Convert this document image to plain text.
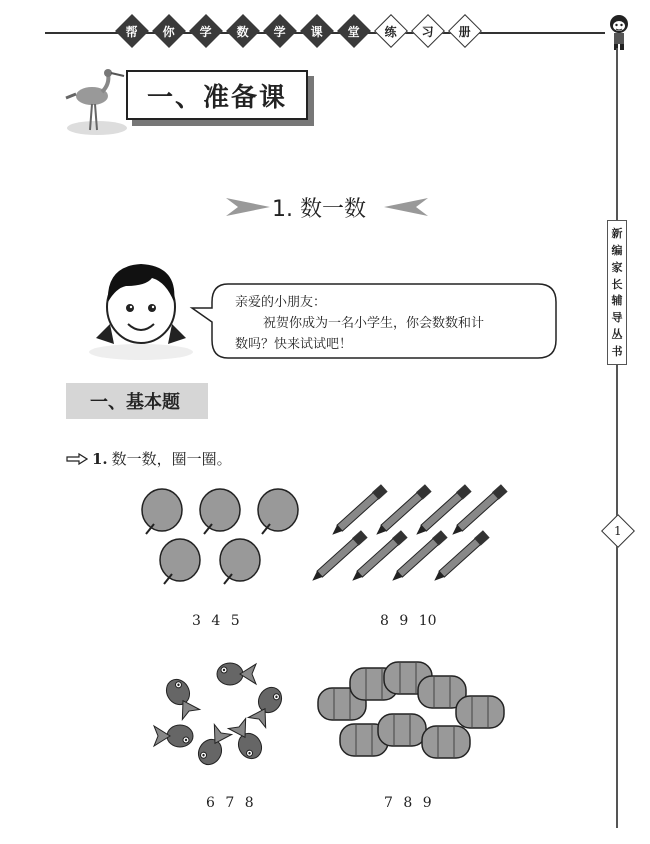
帮 你 学 数 学 课 堂 练 习 册
新
编
家
长
辅
导
丛
书
1
一、准备课
1. 数一数
亲爱的小朋友：
祝贺你成为一名小学生，你会数数和计
数吗？快来试试吧！
一、基本题
1. 数一数，圈一圈。
3 4 5	8 9 10
6 7 8	7 8 9
